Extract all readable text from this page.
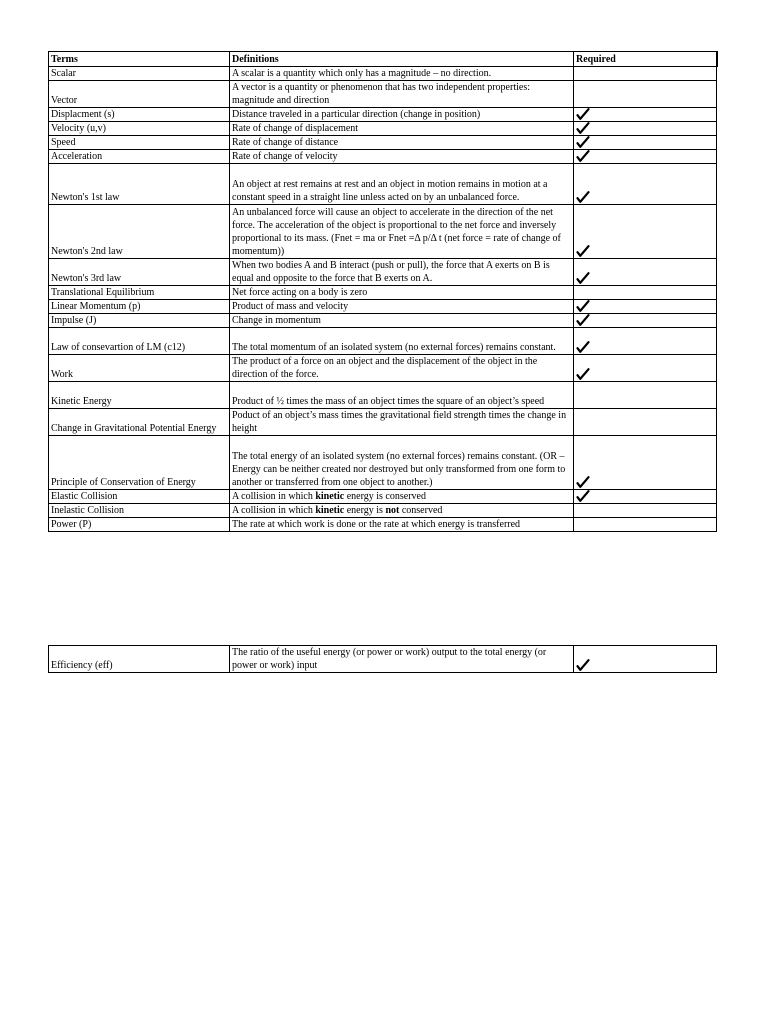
Terms	Definitions	Required
Scalar	A scalar is a quantity which only has a magnitude – no direction.	
Vector	A vector is a quantity or phenomenon that has two independent properties: magnitude and direction	
Displacment (s)	Distance traveled in a particular direction (change in position)	

Velocity (u,v)	Rate of change of displacement	

Speed	Rate of change of distance	

Acceleration	Rate of change of velocity	

Newton's 1st law	An object at rest remains at rest and an object in motion remains in motion at a constant speed in a straight line unless acted on by an unbalanced force.	

Newton's 2nd law	An unbalanced force will cause an object to accelerate in the direction of the net force. The acceleration of the object is proportional to the net force and inversely proportional to its mass. (Fnet = ma or Fnet =Δ p/Δ t (net force = rate of change of momentum))	

Newton's 3rd law	When two bodies A and B interact (push or pull), the force that A exerts on B is equal and opposite to the force that B exerts on A.	

Translational Equilibrium	Net force acting on a body is zero	
Linear Momentum (p)	Product of mass and velocity	

Impulse (J)	Change in momentum	

Law of consevartion of LM (c12)	The total momentum of an isolated system (no external forces) remains constant.	

Work	The product of a force on an object and the displacement of the object in the direction of the force.	

Kinetic Energy	Product of ½ times the mass of an object times the square of an object’s speed	
Change in Gravitational Potential Energy	Poduct of an object’s mass times the gravitational field strength times the change in height	
Principle of Conservation of Energy	The total energy of an isolated system (no external forces) remains constant. (OR – Energy can be neither created nor destroyed but only transformed from one form to another or transferred from one object to another.)	

Elastic Collision	A collision in which kinetic energy is conserved	

Inelastic Collision	A collision in which kinetic energy is not conserved	
Power (P)	The rate at which work is done or the rate at which energy is transferred	
Efficiency (eff)	The ratio of the useful energy (or power or work) output to the total energy (or power or work) input	
